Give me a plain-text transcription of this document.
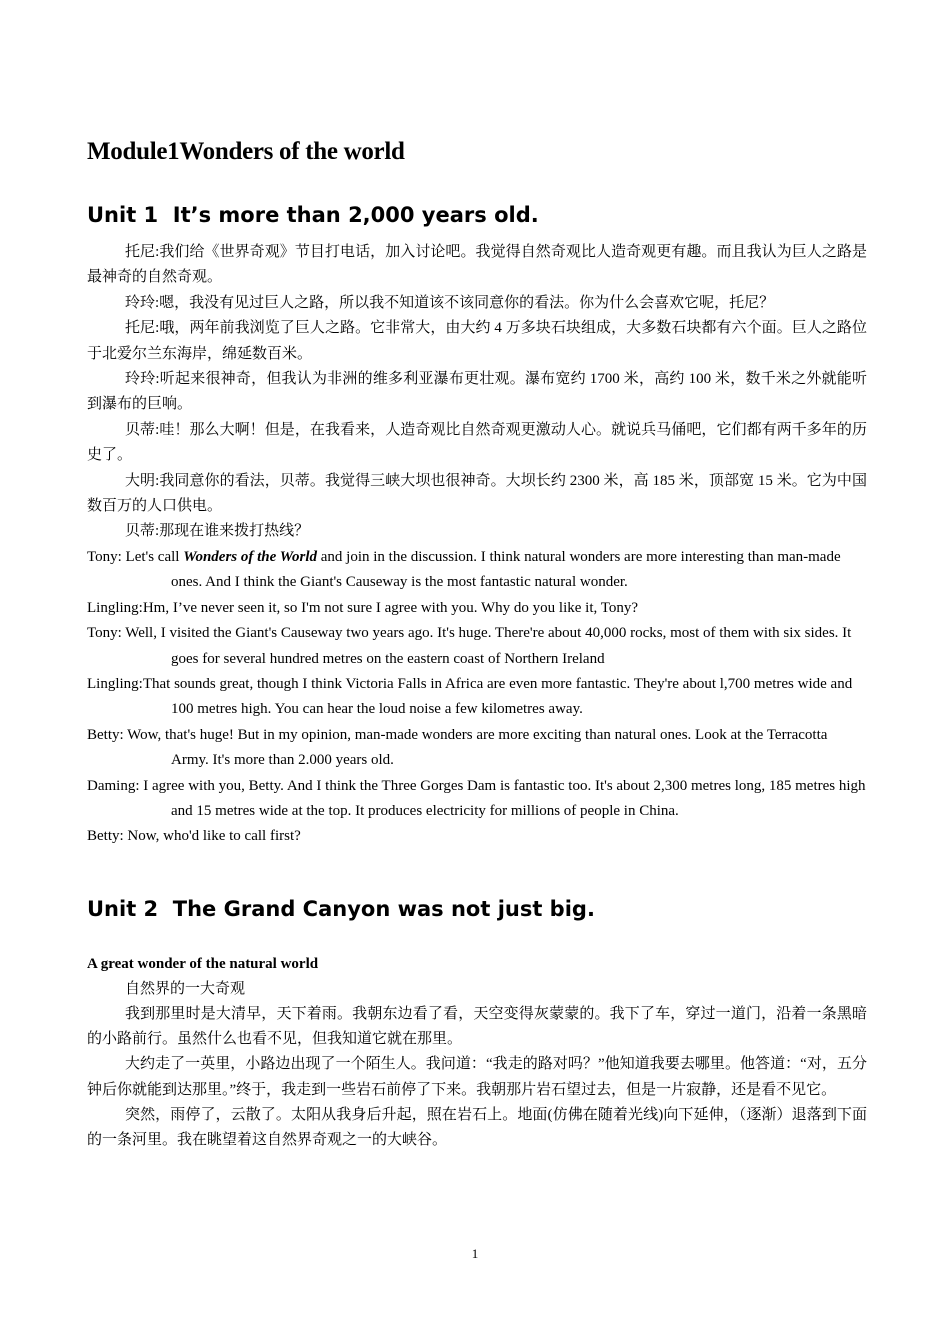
Module1Wonders of the world
Unit 1  It’s more than 2,000 years old.

托尼:我们给《世界奇观》节目打电话，加入讨论吧。我觉得自然奇观比人造奇观更有趣。而且我认为巨人之路是最神奇的自然奇观。

玲玲:嗯，我没有见过巨人之路，所以我不知道该不该同意你的看法。你为什么会喜欢它呢，托尼？

托尼:哦，两年前我浏览了巨人之路。它非常大，由大约 4 万多块石块组成，大多数石块都有六个面。巨人之路位于北爱尔兰东海岸，绵延数百米。

玲玲:听起来很神奇，但我认为非洲的维多利亚瀑布更壮观。瀑布宽约 1700 米，高约 100 米，数千米之外就能听到瀑布的巨响。

贝蒂:哇！那么大啊！但是，在我看来，人造奇观比自然奇观更激动人心。就说兵马俑吧，它们都有两千多年的历史了。

大明:我同意你的看法，贝蒂。我觉得三峡大坝也很神奇。大坝长约 2300 米，高 185 米，顶部宽 15 米。它为中国数百万的人口供电。

贝蒂:那现在谁来拨打热线？

Tony: Let's call Wonders of the World and join in the discussion. I think natural wonders are more interesting than man-made ones. And I think the Giant's Causeway is the most fantastic natural wonder.

Lingling:Hm, I’ve never seen it, so I'm not sure I agree with you. Why do you like it, Tony?

Tony: Well, I visited the Giant's Causeway two years ago. It's huge. There're about 40,000 rocks, most of them with six sides. It goes for several hundred metres on the eastern coast of Northern Ireland

Lingling:That sounds great, though I think Victoria Falls in Africa are even more fantastic. They're about l,700 metres wide and 100 metres high. You can hear the loud noise a few kilometres away.

Betty: Wow, that's huge! But in my opinion, man-made wonders are more exciting than natural ones. Look at the Terracotta Army. It's more than 2.000 years old.

Daming: I agree with you, Betty. And I think the Three Gorges Dam is fantastic too. It's about 2,300 metres long, 185 metres high and 15 metres wide at the top. It produces electricity for millions of people in China.

Betty: Now, who'd like to call first?

Unit 2  The Grand Canyon was not just big.

A great wonder of the natural world

自然界的一大奇观

我到那里时是大清早，天下着雨。我朝东边看了看，天空变得灰蒙蒙的。我下了车，穿过一道门，沿着一条黑暗的小路前行。虽然什么也看不见，但我知道它就在那里。

大约走了一英里，小路边出现了一个陌生人。我问道：“我走的路对吗？”他知道我要去哪里。他答道：“对，五分钟后你就能到达那里。”终于，我走到一些岩石前停了下来。我朝那片岩石望过去，但是一片寂静，还是看不见它。

突然，雨停了，云散了。太阳从我身后升起，照在岩石上。地面(仿佛在随着光线)向下延伸，（逐渐）退落到下面的一条河里。我在眺望着这自然界奇观之一的大峡谷。

1
